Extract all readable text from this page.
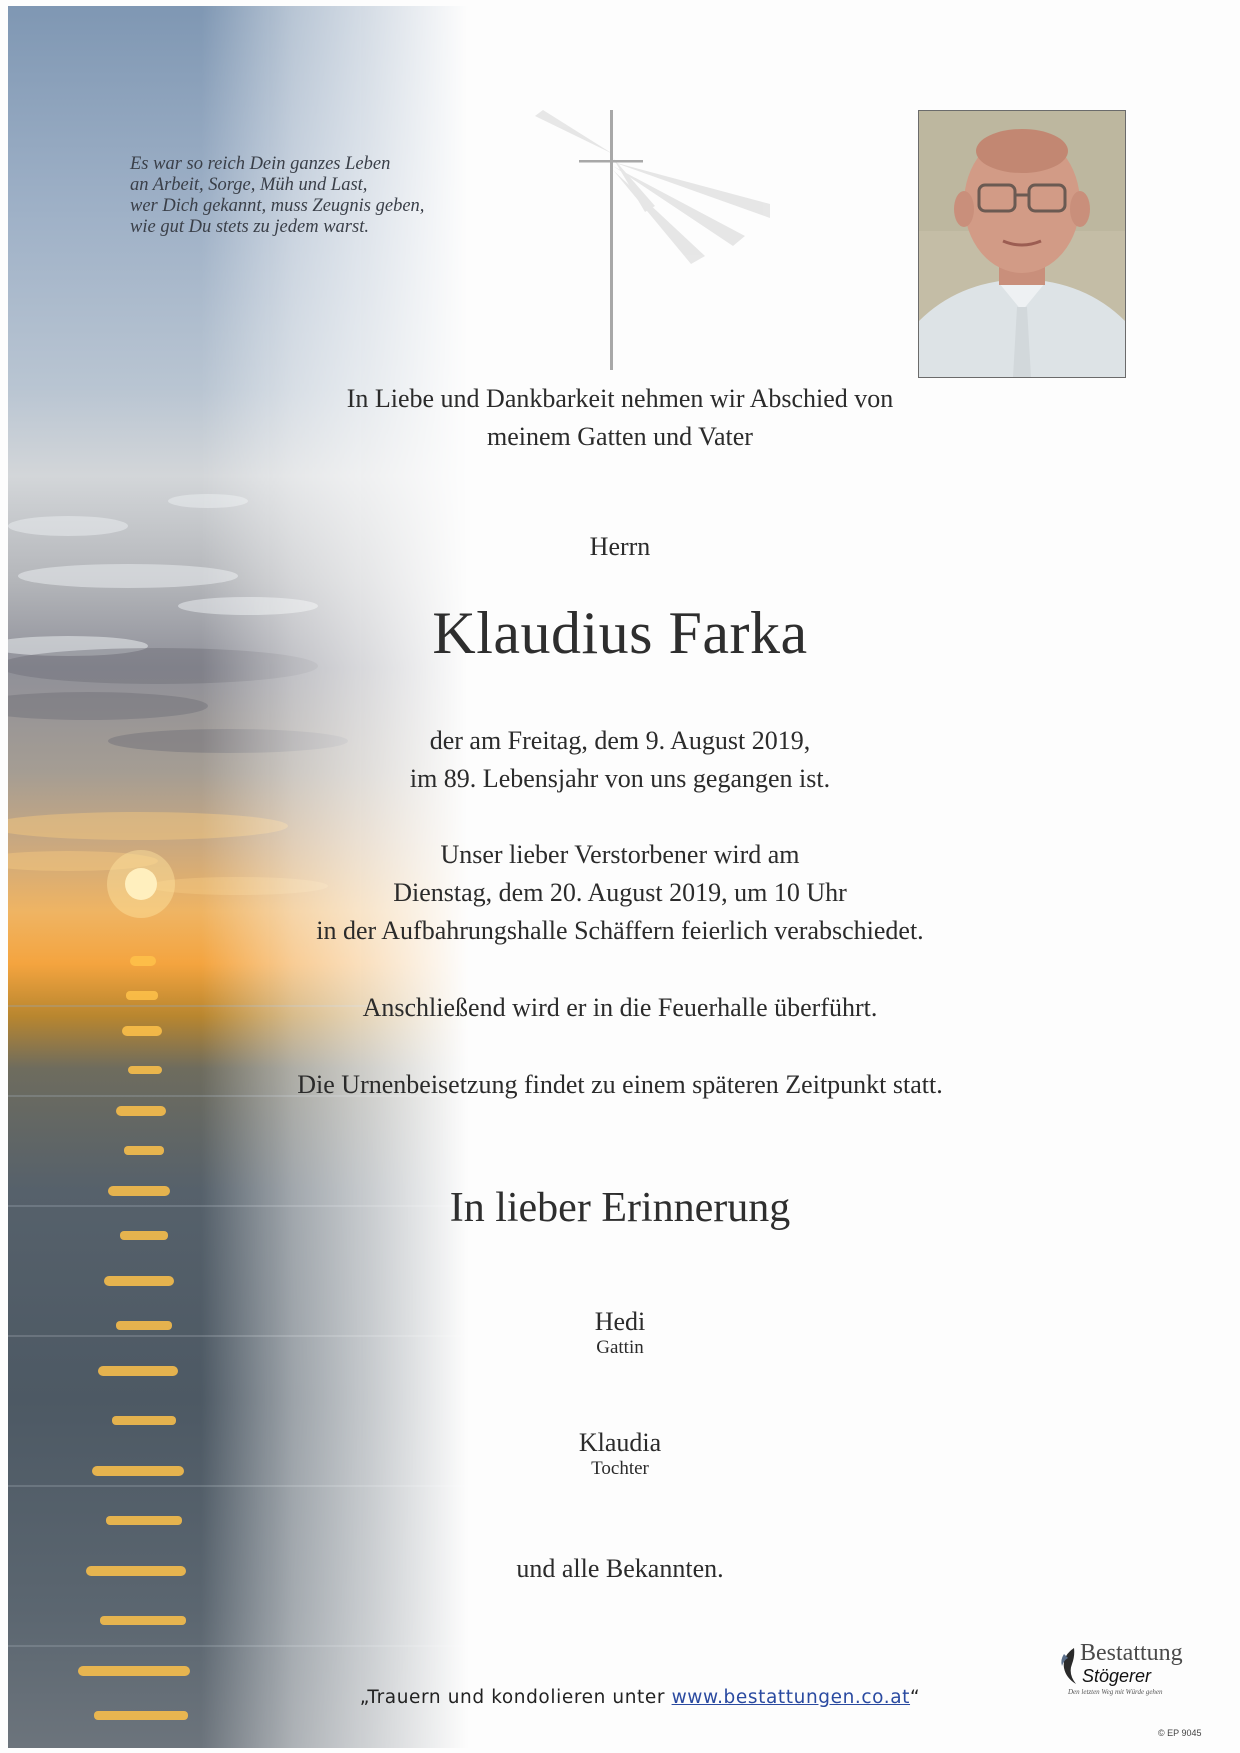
Es war so reich Dein ganzes Leben
an Arbeit, Sorge, Müh und Last,
wer Dich gekannt, muss Zeugnis geben,
wie gut Du stets zu jedem warst.
In Liebe und Dankbarkeit nehmen wir Abschied von
meinem Gatten und Vater
Herrn
Klaudius Farka
der am Freitag, dem 9. August 2019,
im 89. Lebensjahr von uns gegangen ist.
Unser lieber Verstorbener wird am
Dienstag, dem 20. August 2019, um 10 Uhr
in der Aufbahrungshalle Schäffern feierlich verabschiedet.
Anschließend wird er in die Feuerhalle überführt.
Die Urnenbeisetzung findet zu einem späteren Zeitpunkt statt.
In lieber Erinnerung
Hedi
Gattin
Klaudia
Tochter
und alle Bekannten.
„Trauern und kondolieren unter www.bestattungen.co.at“
Bestattung
Stögerer
Den letzten Weg mit Würde gehen
© EP 9045
